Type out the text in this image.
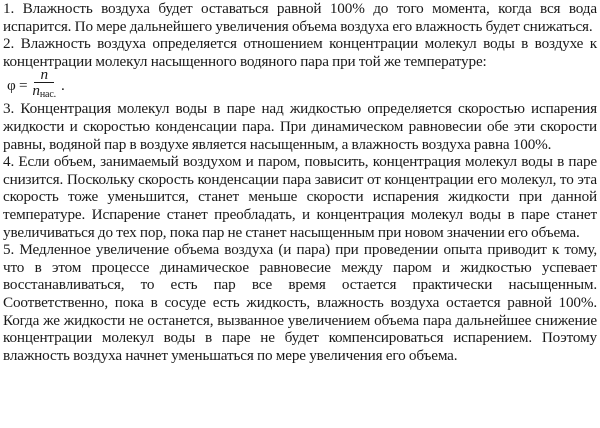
1. Влажность воздуха будет оставаться равной 100% до того момента, когда вся вода испарится. По мере дальнейшего увеличения объема воздуха его влажность будет снижаться.

2. Влажность воздуха определяется отношением концентрации молекул воды в воздухе к концентрации молекул насыщенного водяного пара при той же температуре:

$\varphi = \frac{n}{n_{нас.}}$ .

3. Концентрация молекул воды в паре над жидкостью определяется скоростью испарения жидкости и скоростью конденсации пара. При динамическом равновесии обе эти скорости равны, водяной пар в воздухе является насыщенным, а влажность воздуха равна 100%.

4. Если объем, занимаемый воздухом и паром, повысить, концентрация молекул воды в паре снизится. Поскольку скорость конденсации пара зависит от концентрации его молекул, то эта скорость тоже уменьшится, станет меньше скорости испарения жидкости при данной температуре. Испарение станет преобладать, и концентрация молекул воды в паре станет увеличиваться до тех пор, пока пар не станет насыщенным при новом значении его объема.

5. Медленное увеличение объема воздуха (и пара) при проведении опыта приводит к тому, что в этом процессе динамическое равновесие между паром и жидкостью успевает восстанавливаться, то есть пар все время остается практически насыщенным. Соответственно, пока в сосуде есть жидкость, влажность воздуха остается равной 100%. Когда же жидкости не останется, вызванное увеличением объема пара дальнейшее снижение концентрации молекул воды в паре не будет компенсироваться испарением. Поэтому влажность воздуха начнет уменьшаться по мере увеличения его объема.
